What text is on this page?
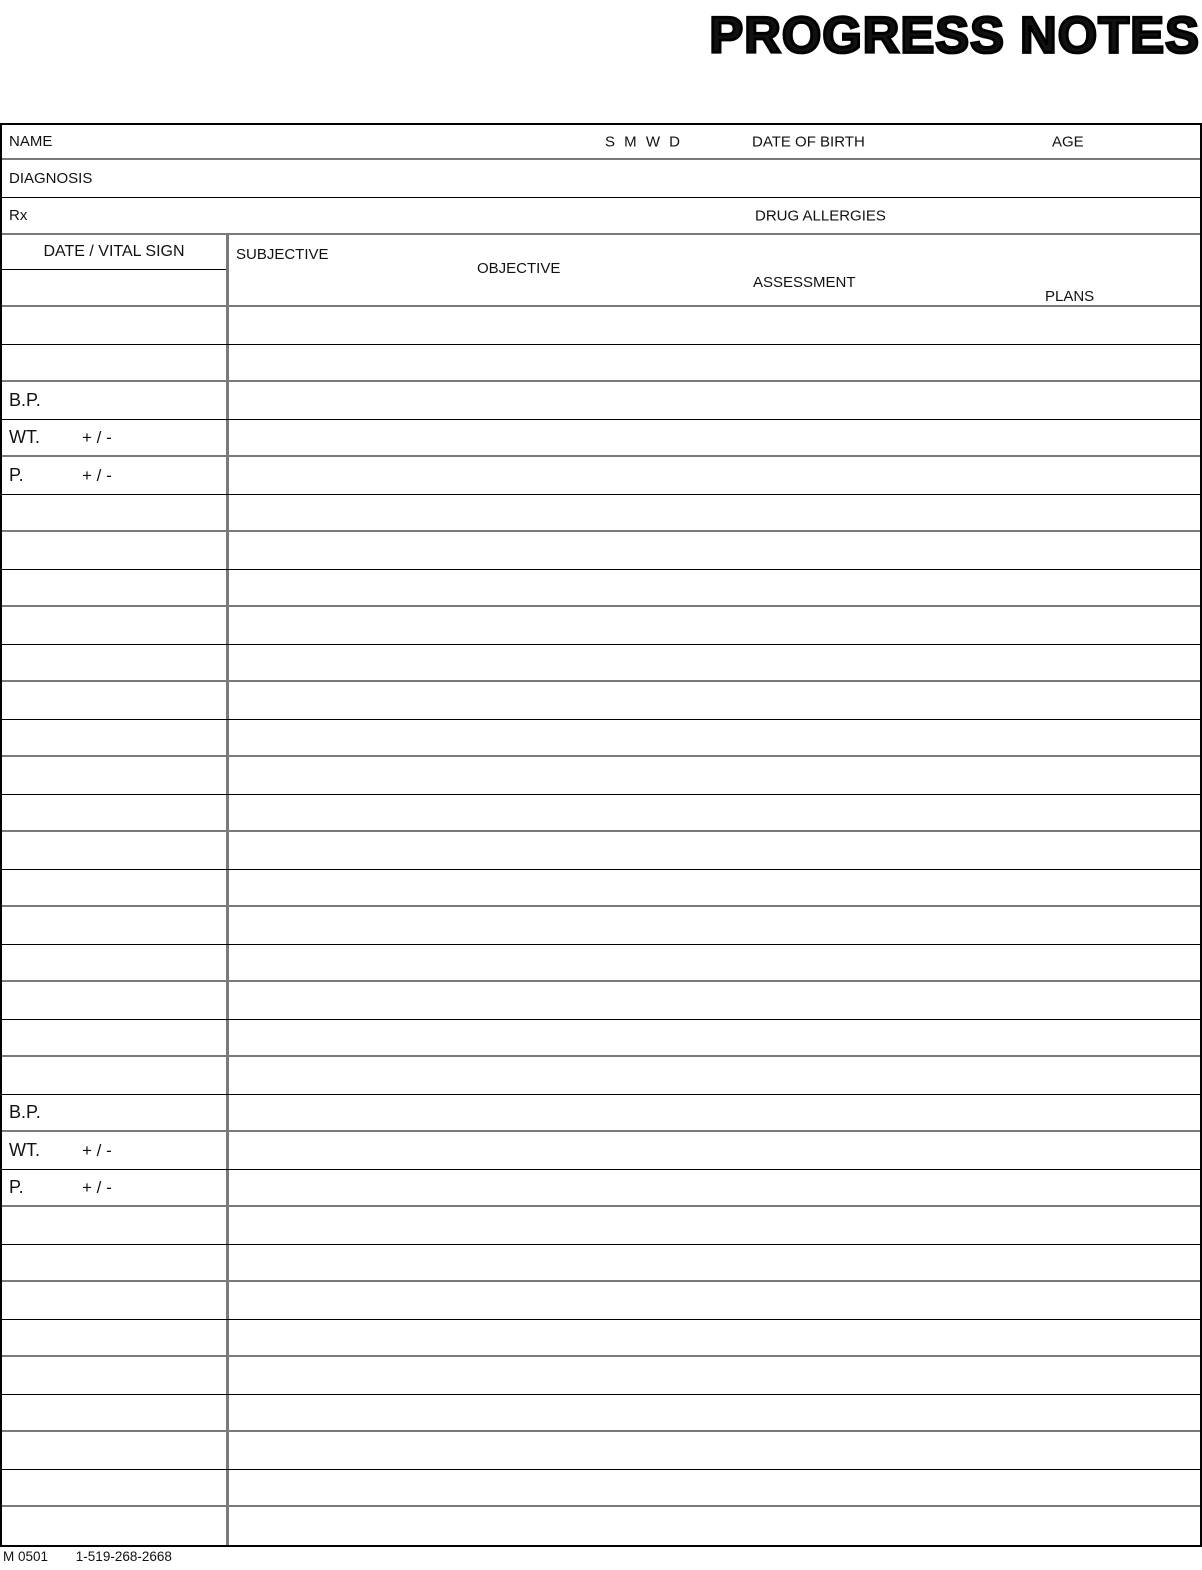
PROGRESS NOTES
NAME	S M W D	DATE OF BIRTH	AGE
DIAGNOSIS
Rx	DRUG ALLERGIES
DATE / VITAL SIGN	SUBJECTIVE
OBJECTIVE
ASSESSMENT
PLANS
B.P.
WT. + / -
P.	+ / -
B.P.
WT. + / -
P.	+ / -
M 0501 1-519-268-2668
